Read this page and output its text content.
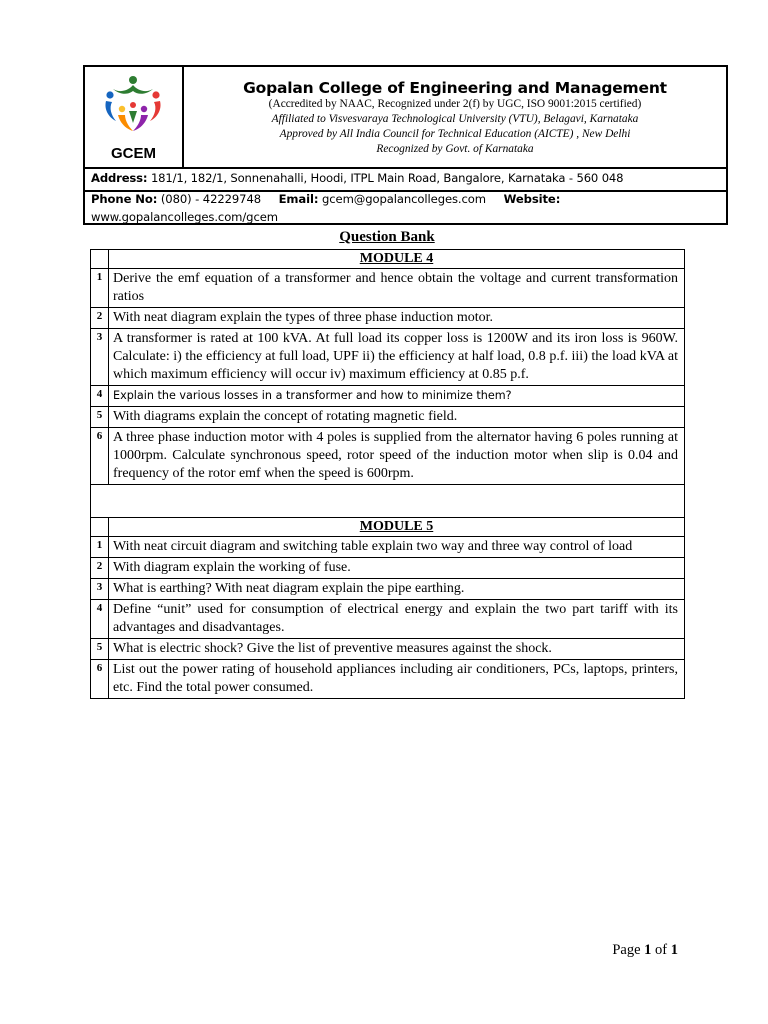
GCEM
Gopalan College of Engineering and Management
(Accredited by NAAC, Recognized under 2(f) by UGC, ISO 9001:2015 certified)
Affiliated to Visvesvaraya Technological University (VTU), Belagavi, Karnataka
Approved by All India Council for Technical Education (AICTE) , New Delhi
Recognized by Govt. of Karnataka
Address: 181/1, 182/1, Sonnenahalli, Hoodi, ITPL Main Road, Bangalore, Karnataka - 560 048
Phone No: (080) - 42229748 Email: gcem@gopalancolleges.com Website:
www.gopalancolleges.com/gcem
Question Bank
	MODULE 4
1	Derive the emf equation of a transformer and hence obtain the voltage and current transformation ratios
2	With neat diagram explain the types of three phase induction motor.
3	A transformer is rated at 100 kVA. At full load its copper loss is 1200W and its iron loss is 960W. Calculate: i) the efficiency at full load, UPF ii) the efficiency at half load, 0.8 p.f. iii) the load kVA at which maximum efficiency will occur iv) maximum efficiency at 0.85 p.f.
4	Explain the various losses in a transformer and how to minimize them?
5	With diagrams explain the concept of rotating magnetic field.
6	A three phase induction motor with 4 poles is supplied from the alternator having 6 poles running at 1000rpm. Calculate synchronous speed, rotor speed of the induction motor when slip is 0.04 and frequency of the rotor emf when the speed is 600rpm.

	MODULE 5
1	With neat circuit diagram and switching table explain two way and three way control of load
2	With diagram explain the working of fuse.
3	What is earthing? With neat diagram explain the pipe earthing.
4	Define “unit” used for consumption of electrical energy and explain the two part tariff with its advantages and disadvantages.
5	What is electric shock? Give the list of preventive measures against the shock.
6	List out the power rating of household appliances including air conditioners, PCs, laptops, printers, etc. Find the total power consumed.
Page 1 of 1
